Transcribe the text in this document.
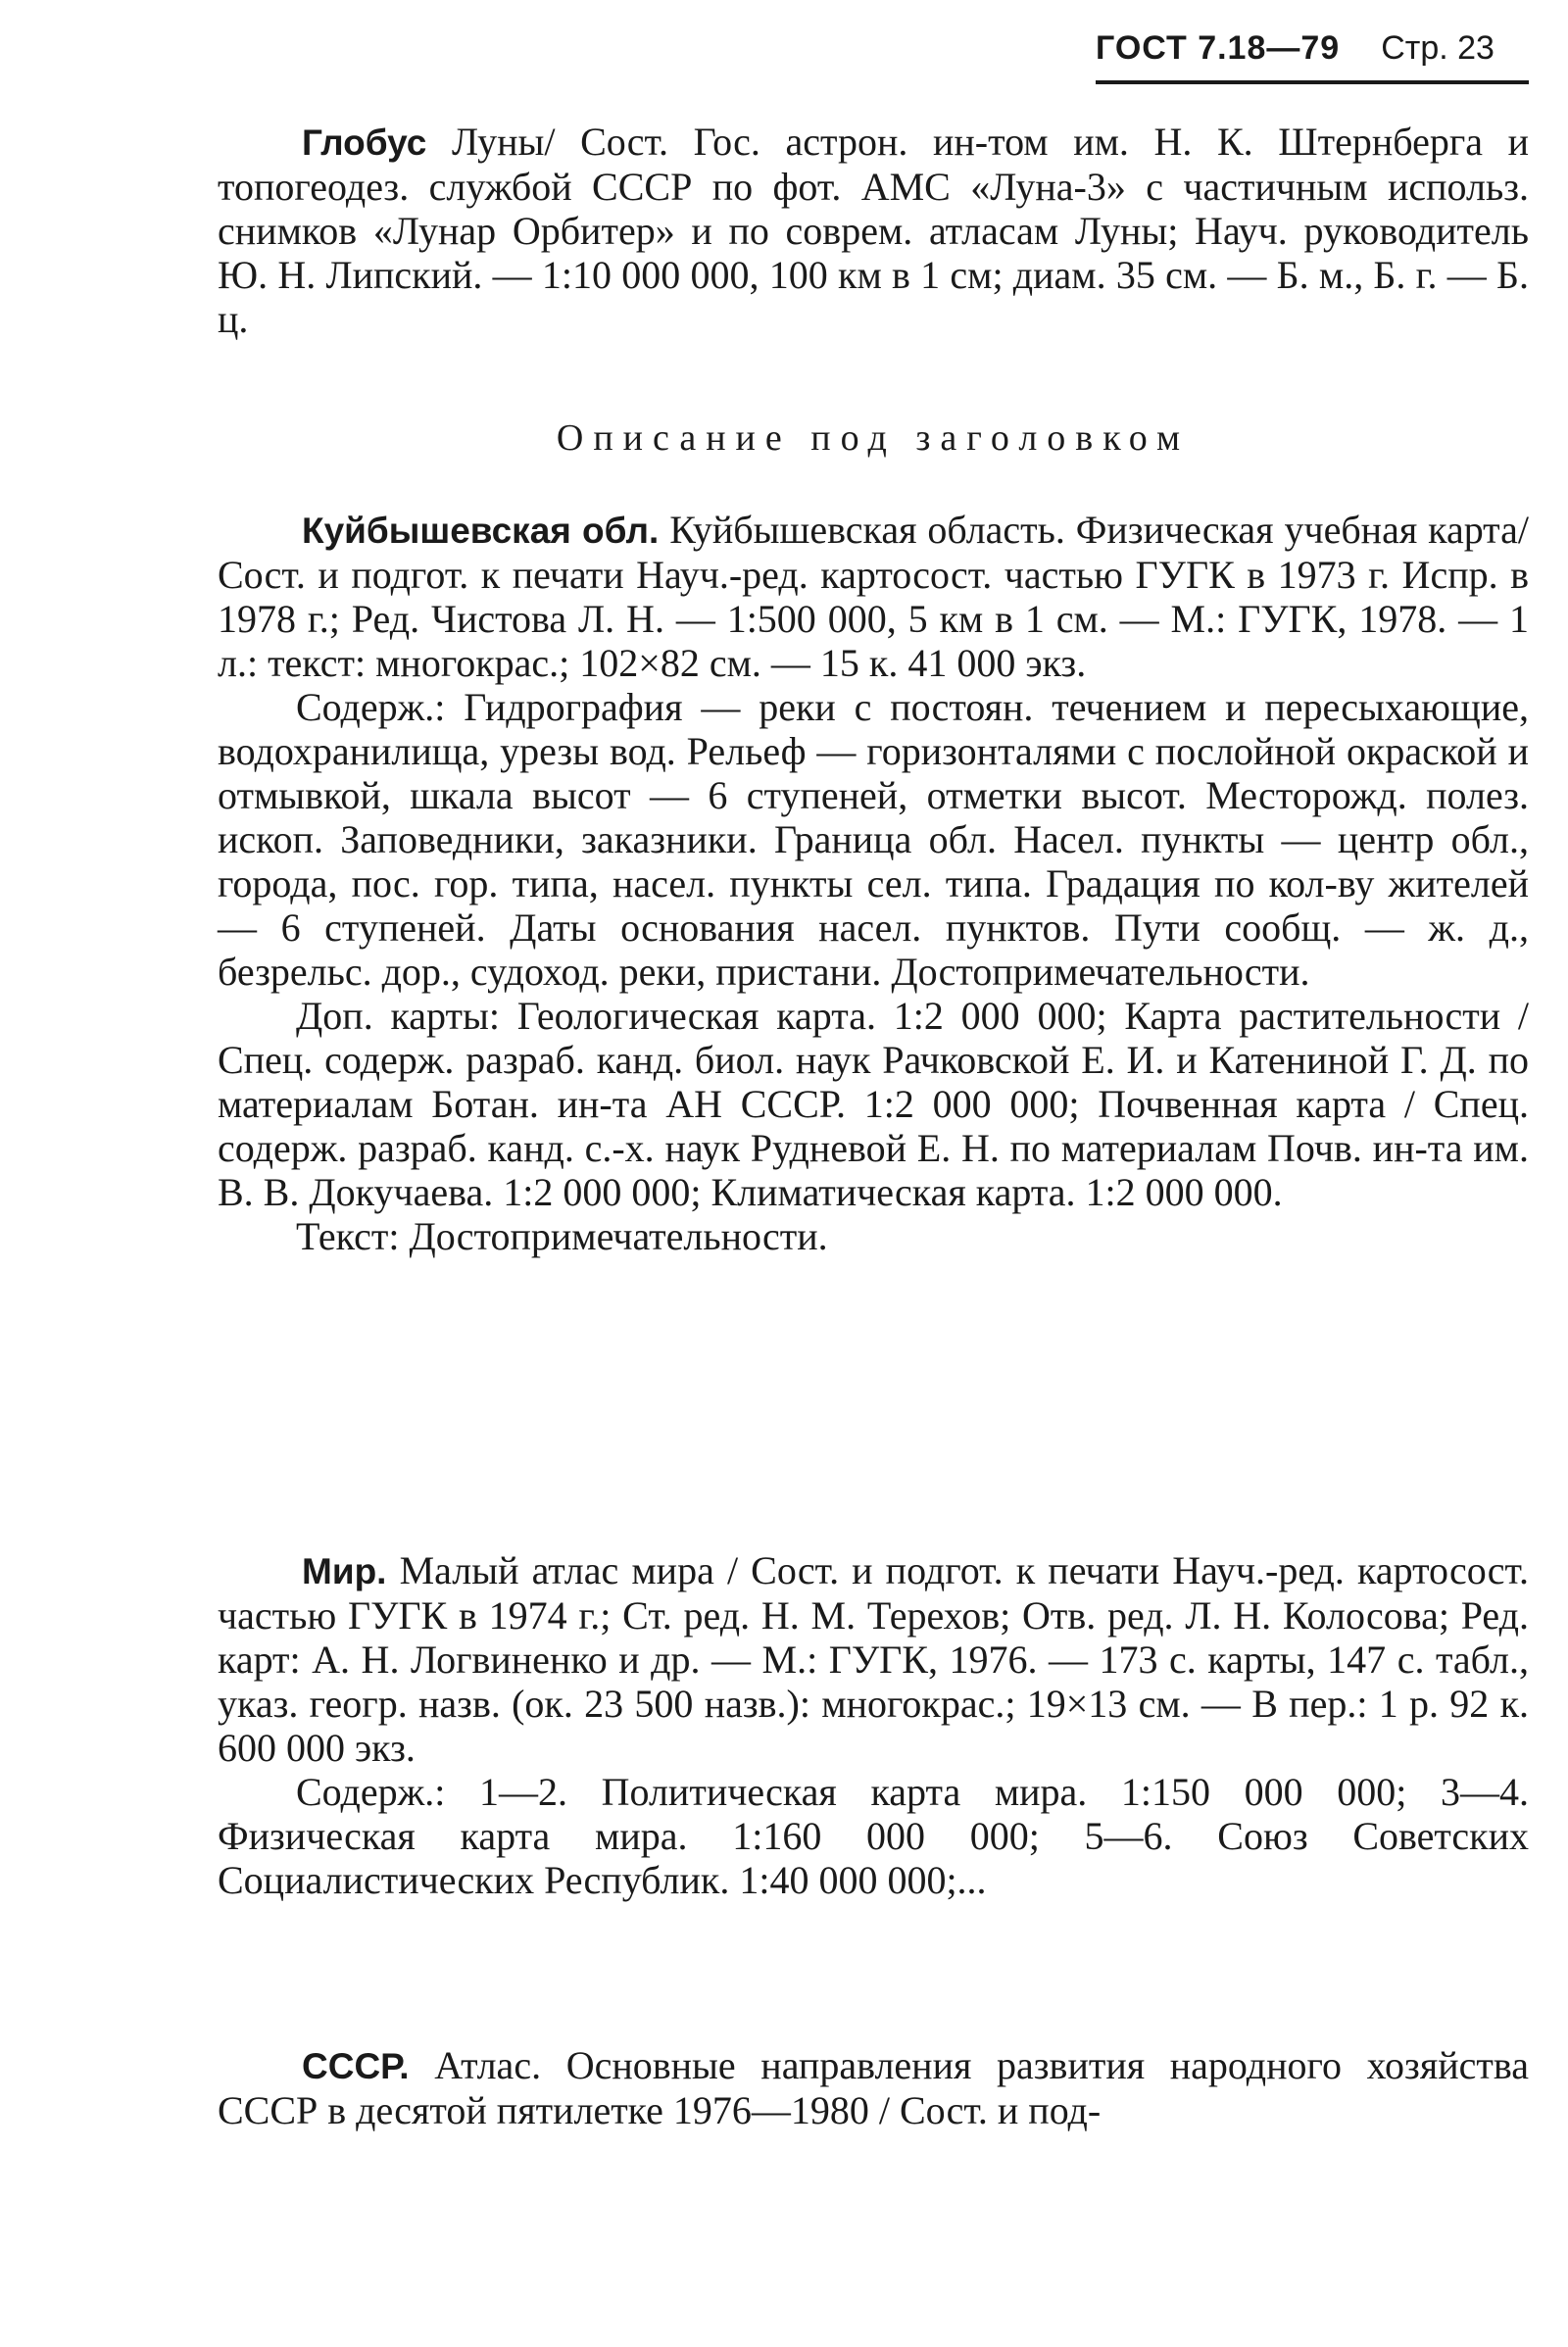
ГОСТ 7.18—79 Стр. 23

Глобус Луны/ Сост. Гос. астрон. ин-том им. Н. К. Штернберга и топогеодез. службой СССР по фот. АМС «Луна-3» с частичным использ. снимков «Лунар Орбитер» и по соврем. атласам Луны; Науч. руководитель Ю. Н. Липский. — 1:10 000 000, 100 км в 1 см; диам. 35 см. — Б. м., Б. г. — Б. ц.

Описание под заголовком

Куйбышевская обл. Куйбышевская область. Физическая учебная карта/ Сост. и подгот. к печати Науч.-ред. картосост. частью ГУГК в 1973 г. Испр. в 1978 г.; Ред. Чистова Л. Н. — 1:500 000, 5 км в 1 см. — М.: ГУГК, 1978. — 1 л.: текст: многокрас.; 102×82 см. — 15 к. 41 000 экз.

Содерж.: Гидрография — реки с постоян. течением и пересыхающие, водохранилища, урезы вод. Рельеф — горизонталями с послойной окраской и отмывкой, шкала высот — 6 ступеней, отметки высот. Месторожд. полез. ископ. Заповедники, заказники. Граница обл. Насел. пункты — центр обл., города, пос. гор. типа, насел. пункты сел. типа. Градация по кол-ву жителей — 6 ступеней. Даты основания насел. пунктов. Пути сообщ. — ж. д., безрельс. дор., судоход. реки, пристани. Достопримечательности.

Доп. карты: Геологическая карта. 1:2 000 000; Карта растительности / Спец. содерж. разраб. канд. биол. наук Рачковской Е. И. и Катениной Г. Д. по материалам Ботан. ин-та АН СССР. 1:2 000 000; Почвенная карта / Спец. содерж. разраб. канд. с.-х. наук Рудневой Е. Н. по материалам Почв. ин-та им. В. В. Докучаева. 1:2 000 000; Климатическая карта. 1:2 000 000.

Текст: Достопримечательности.

Мир. Малый атлас мира / Сост. и подгот. к печати Науч.-ред. картосост. частью ГУГК в 1974 г.; Ст. ред. Н. М. Терехов; Отв. ред. Л. Н. Колосова; Ред. карт: А. Н. Логвиненко и др. — М.: ГУГК, 1976. — 173 с. карты, 147 с. табл., указ. геогр. назв. (ок. 23 500 назв.): многокрас.; 19×13 см. — В пер.: 1 р. 92 к. 600 000 экз.

Содерж.: 1—2. Политическая карта мира. 1:150 000 000; 3—4. Физическая карта мира. 1:160 000 000; 5—6. Союз Советских Социалистических Республик. 1:40 000 000;...

СССР. Атлас. Основные направления развития народного хозяйства СССР в десятой пятилетке 1976—1980 / Сост. и под-
